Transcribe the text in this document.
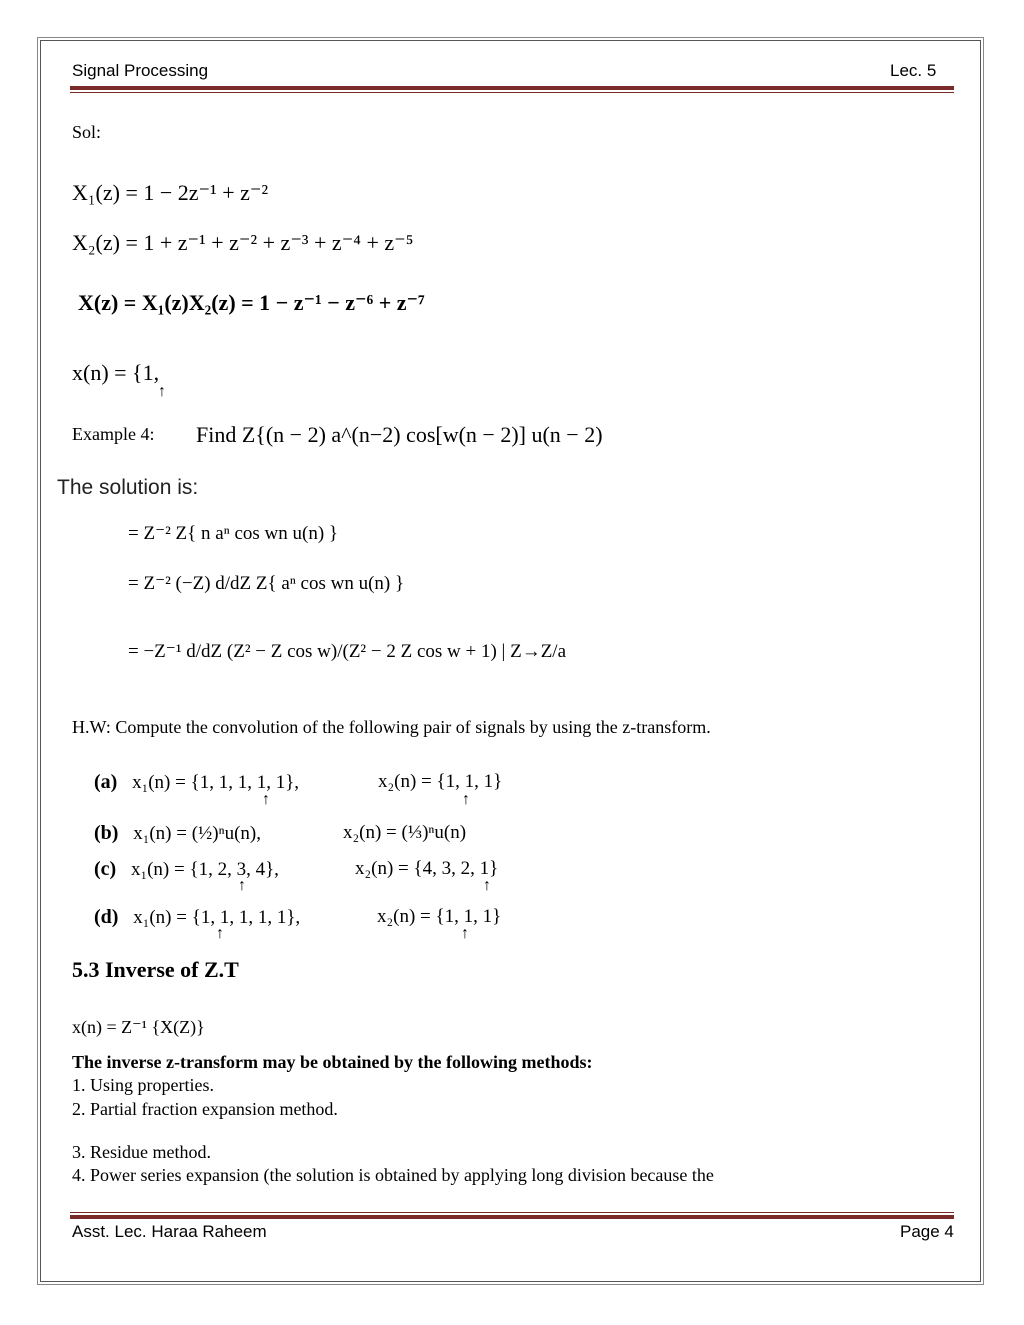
Signal Processing	Lec. 5
Sol:
X₁(z) = 1 − 2z⁻¹ + z⁻²
X₂(z) = 1 + z⁻¹ + z⁻² + z⁻³ + z⁻⁴ + z⁻⁵
X(z) = X₁(z)X₂(z) = 1 − z⁻¹ − z⁻⁶ + z⁻⁷
x(n) = {1,
↑
Example 4: Find Z{(n − 2) a^(n−2) cos[w(n − 2)] u(n − 2)
The solution is:
= Z⁻² Z{ n aⁿ cos wn u(n) }
= Z⁻² (−Z) d/dZ Z{ aⁿ cos wn u(n) }
= −Z⁻¹ d/dZ (Z² − Z cos w)/(Z² − 2 Z cos w + 1) | Z→Z/a
H.W: Compute the convolution of the following pair of signals by using the z-transform.
(a) x₁(n) = {1, 1, 1, 1, 1},	x₂(n) = {1, 1, 1}
↑	↑
(b) x₁(n) = (½)ⁿu(n),	x₂(n) = (⅓)ⁿu(n)
(c) x₁(n) = {1, 2, 3, 4},	x₂(n) = {4, 3, 2, 1}
↑	↑
(d) x₁(n) = {1, 1, 1, 1, 1},	x₂(n) = {1, 1, 1}
↑	↑
5.3 Inverse of Z.T
x(n) = Z⁻¹ {X(Z)}
The inverse z-transform may be obtained by the following methods:
1. Using properties.
2. Partial fraction expansion method.
3. Residue method.
4. Power series expansion (the solution is obtained by applying long division because the
Asst. Lec. Haraa Raheem	Page 4
